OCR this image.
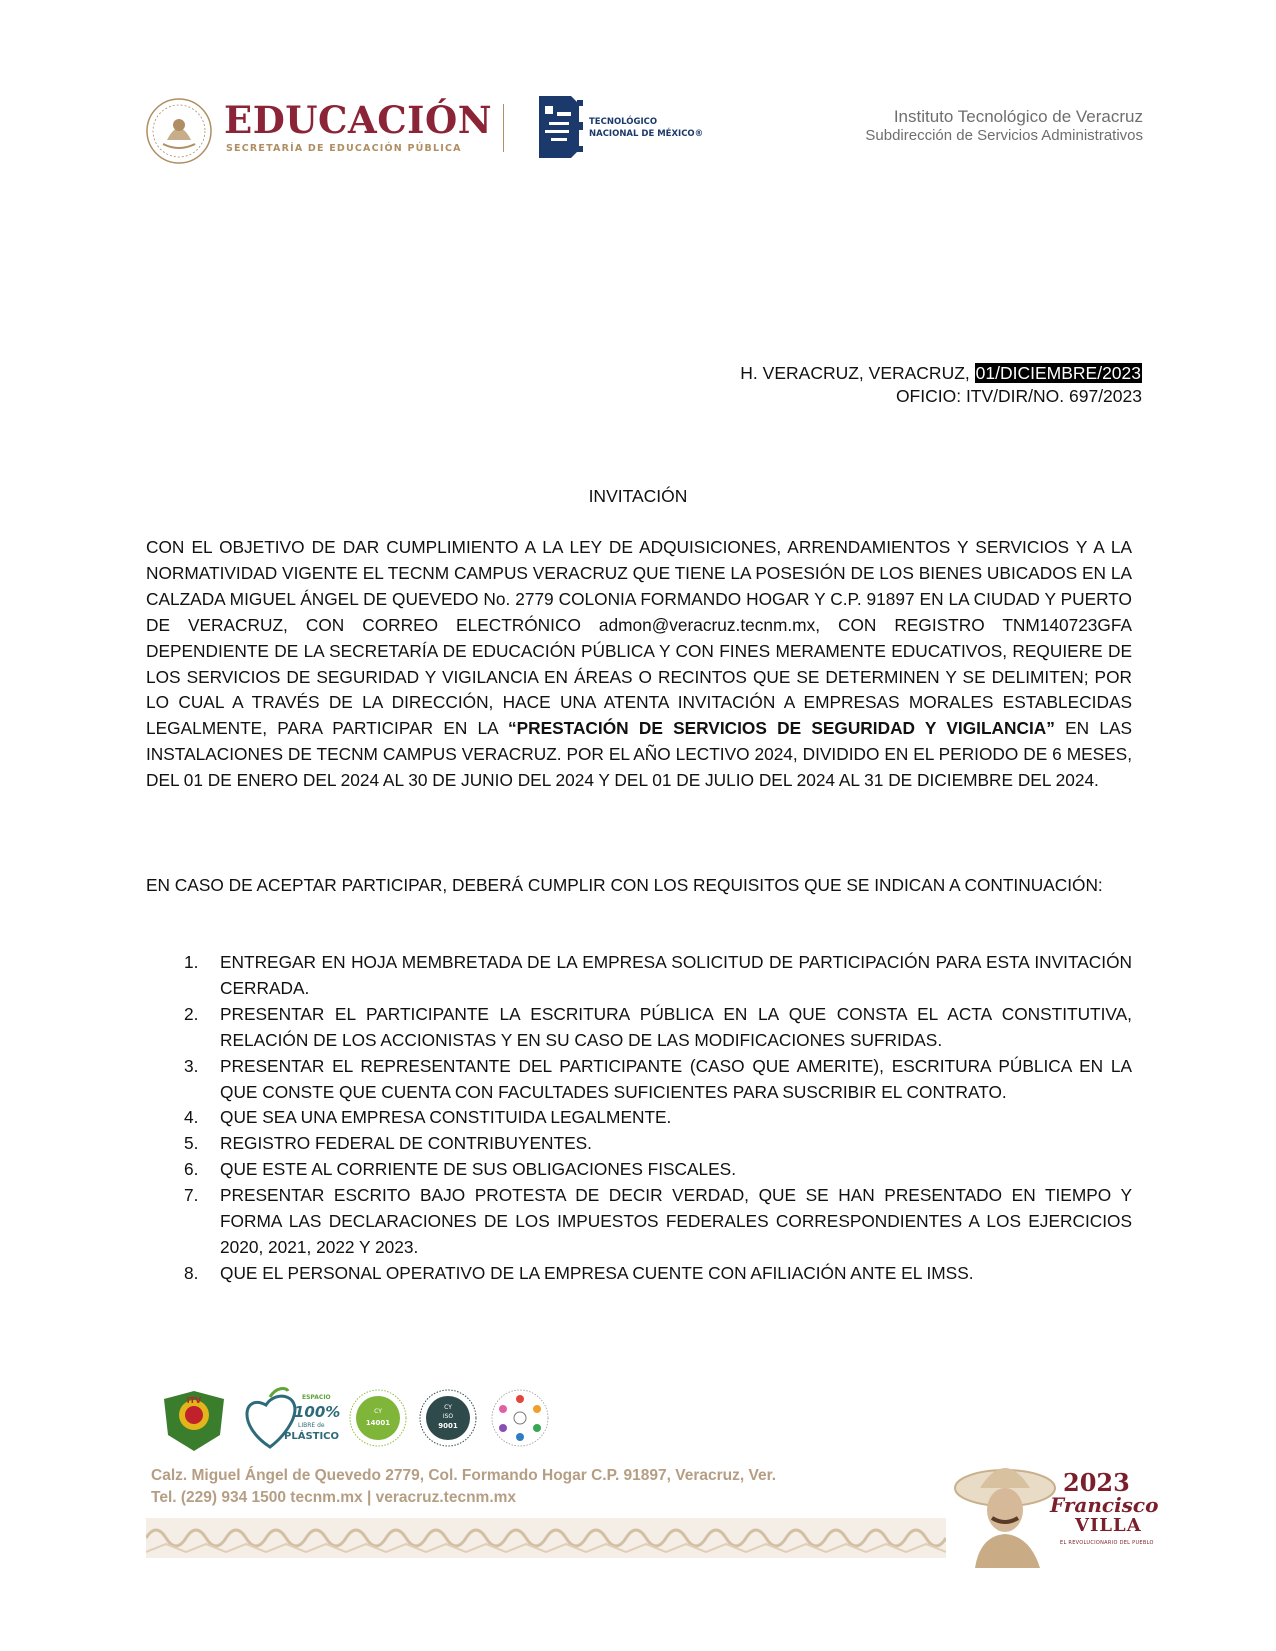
EDUCACIÓN
SECRETARÍA DE EDUCACIÓN PÚBLICA
TECNOLÓGICO
NACIONAL DE MÉXICO®
Instituto Tecnológico de Veracruz
Subdirección de Servicios Administrativos
H. VERACRUZ, VERACRUZ, 01/DICIEMBRE/2023
OFICIO: ITV/DIR/NO. 697/2023
INVITACIÓN
CON EL OBJETIVO DE DAR CUMPLIMIENTO A LA LEY DE ADQUISICIONES, ARRENDAMIENTOS Y SERVICIOS Y A LA NORMATIVIDAD VIGENTE EL TECNM CAMPUS VERACRUZ QUE TIENE LA POSESIÓN DE LOS BIENES UBICADOS EN LA CALZADA MIGUEL ÁNGEL DE QUEVEDO No. 2779 COLONIA FORMANDO HOGAR Y C.P. 91897 EN LA CIUDAD Y PUERTO DE VERACRUZ, CON CORREO ELECTRÓNICO admon@veracruz.tecnm.mx, CON REGISTRO TNM140723GFA DEPENDIENTE DE LA SECRETARÍA DE EDUCACIÓN PÚBLICA Y CON FINES MERAMENTE EDUCATIVOS, REQUIERE DE LOS SERVICIOS DE SEGURIDAD Y VIGILANCIA EN ÁREAS O RECINTOS QUE SE DETERMINEN Y SE DELIMITEN; POR LO CUAL A TRAVÉS DE LA DIRECCIÓN, HACE UNA ATENTA INVITACIÓN A EMPRESAS MORALES ESTABLECIDAS LEGALMENTE, PARA PARTICIPAR EN LA “PRESTACIÓN DE SERVICIOS DE SEGURIDAD Y VIGILANCIA” EN LAS INSTALACIONES DE TECNM CAMPUS VERACRUZ. POR EL AÑO LECTIVO 2024, DIVIDIDO EN EL PERIODO DE 6 MESES, DEL 01 DE ENERO DEL 2024 AL 30 DE JUNIO DEL 2024 Y DEL 01 DE JULIO DEL 2024 AL 31 DE DICIEMBRE DEL 2024.
EN CASO DE ACEPTAR PARTICIPAR, DEBERÁ CUMPLIR CON LOS REQUISITOS QUE SE INDICAN A CONTINUACIÓN:
1. ENTREGAR EN HOJA MEMBRETADA DE LA EMPRESA SOLICITUD DE PARTICIPACIÓN PARA ESTA INVITACIÓN CERRADA.
2. PRESENTAR EL PARTICIPANTE LA ESCRITURA PÚBLICA EN LA QUE CONSTA EL ACTA CONSTITUTIVA, RELACIÓN DE LOS ACCIONISTAS Y EN SU CASO DE LAS MODIFICACIONES SUFRIDAS.
3. PRESENTAR EL REPRESENTANTE DEL PARTICIPANTE (CASO QUE AMERITE), ESCRITURA PÚBLICA EN LA QUE CONSTE QUE CUENTA CON FACULTADES SUFICIENTES PARA SUSCRIBIR EL CONTRATO.
4. QUE SEA UNA EMPRESA CONSTITUIDA LEGALMENTE.
5. REGISTRO FEDERAL DE CONTRIBUYENTES.
6. QUE ESTE AL CORRIENTE DE SUS OBLIGACIONES FISCALES.
7. PRESENTAR ESCRITO BAJO PROTESTA DE DECIR VERDAD, QUE SE HAN PRESENTADO EN TIEMPO Y FORMA LAS DECLARACIONES DE LOS IMPUESTOS FEDERALES CORRESPONDIENTES A LOS EJERCICIOS 2020, 2021, 2022 Y 2023.
8. QUE EL PERSONAL OPERATIVO DE LA EMPRESA CUENTE CON AFILIACIÓN ANTE EL IMSS.
ITV	ESPACIO
100%
LIBRE de
PLÁSTICO
CY
14001
CY
ISO
9001
Calz. Miguel Ángel de Quevedo 2779, Col. Formando Hogar C.P. 91897, Veracruz, Ver.
Tel. (229) 934 1500 tecnm.mx | veracruz.tecnm.mx
2023
Francisco
VILLA
EL REVOLUCIONARIO DEL PUEBLO
